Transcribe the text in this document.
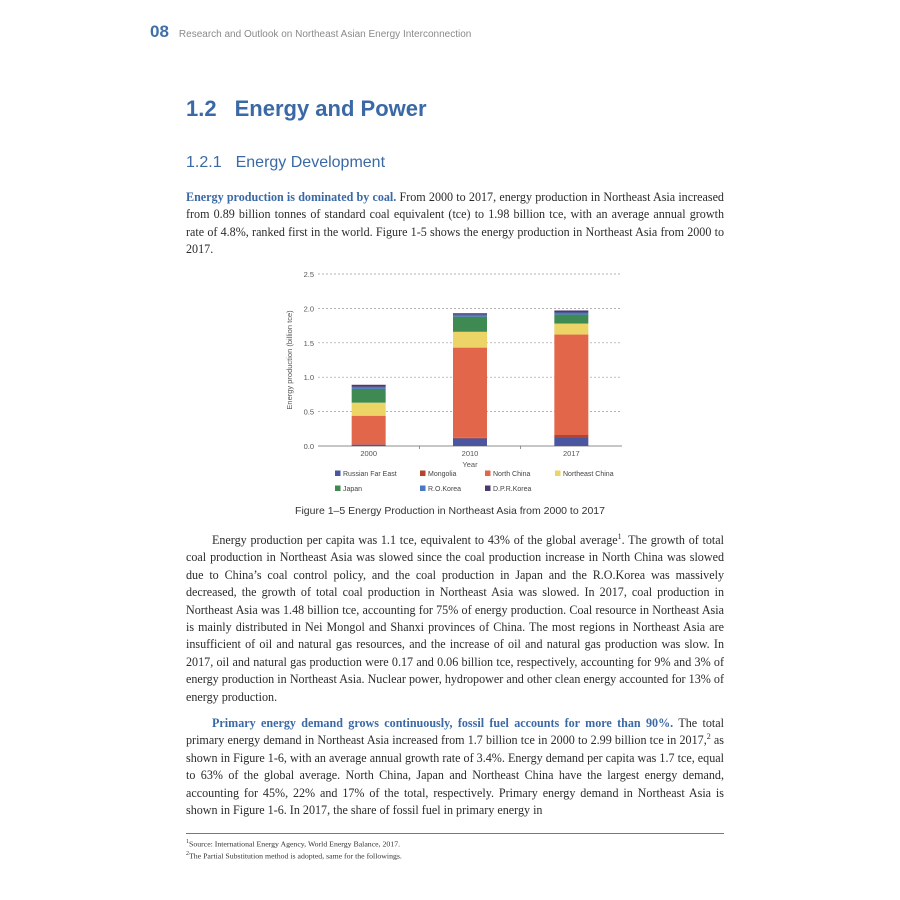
08 Research and Outlook on Northeast Asian Energy Interconnection
1.2 Energy and Power
1.2.1 Energy Development

Energy production is dominated by coal. From 2000 to 2017, energy production in Northeast Asia increased from 0.89 billion tonnes of standard coal equivalent (tce) to 1.98 billion tce, with an average annual growth rate of 4.8%, ranked first in the world. Figure 1-5 shows the energy production in Northeast Asia from 2000 to 2017.

0.0
0.5
1.0
1.5
2.0
2.5
Energy production (billion tce)
2000	2010	2017
Year
Russian Far East	Mongolia	North China	Northeast China
Japan	R.O.Korea	D.P.R.Korea
Figure 1–5 Energy Production in Northeast Asia from 2000 to 2017

Energy production per capita was 1.1 tce, equivalent to 43% of the global average$^1$. The growth of total coal production in Northeast Asia was slowed since the coal production increase in North China was slowed due to China’s coal control policy, and the coal production in Japan and the R.O.Korea was massively decreased, the growth of total coal production in Northeast Asia was slowed. In 2017, coal production in Northeast Asia was 1.48 billion tce, accounting for 75% of energy production. Coal resource in Northeast Asia is mainly distributed in Nei Mongol and Shanxi provinces of China. The most regions in Northeast Asia are insufficient of oil and natural gas resources, and the increase of oil and natural gas production was slow. In 2017, oil and natural gas production were 0.17 and 0.06 billion tce, respectively, accounting for 9% and 3% of energy production in Northeast Asia. Nuclear power, hydropower and other clean energy accounted for 13% of energy production.

Primary energy demand grows continuously, fossil fuel accounts for more than 90%. The total primary energy demand in Northeast Asia increased from 1.7 billion tce in 2000 to 2.99 billion tce in 2017,$^2$ as shown in Figure 1-6, with an average annual growth rate of 3.4%. Energy demand per capita was 1.7 tce, equal to 63% of the global average. North China, Japan and Northeast China have the largest energy demand, accounting for 45%, 22% and 17% of the total, respectively. Primary energy demand in Northeast Asia is shown in Figure 1-6. In 2017, the share of fossil fuel in primary energy in

$^1$Source: International Energy Agency, World Energy Balance, 2017.
$^2$The Partial Substitution method is adopted, same for the followings.
